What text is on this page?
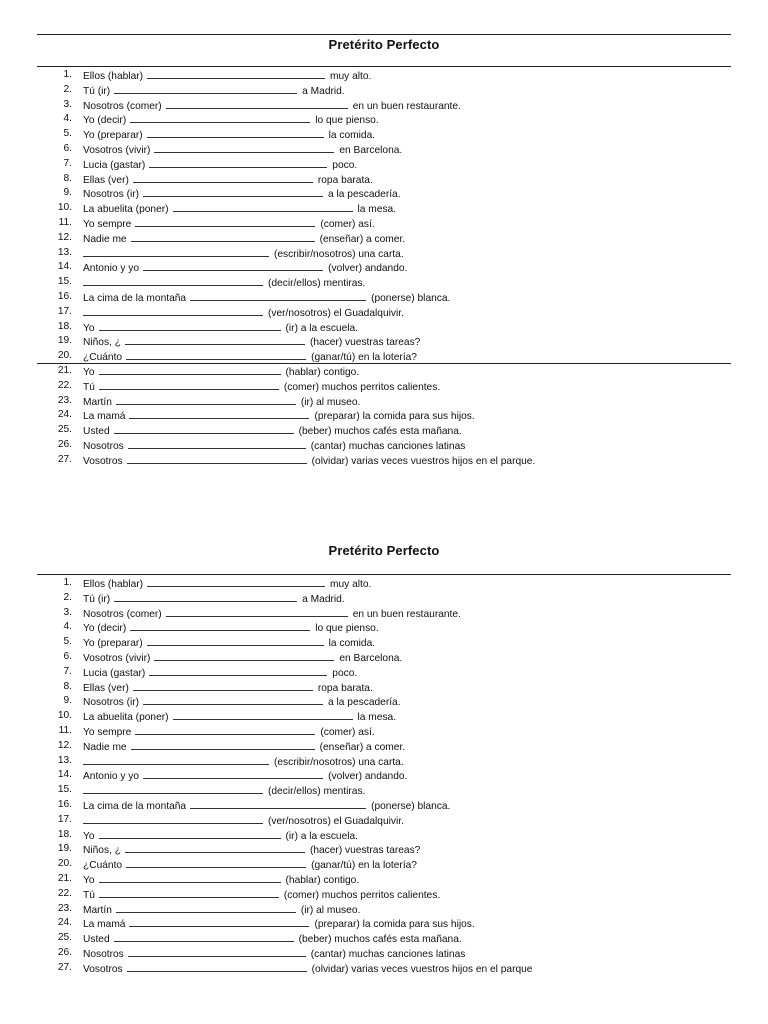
Pretérito Perfecto
1. Ellos (hablar)	muy alto.
2. Tú (ir)	a Madrid.
3. Nosotros (comer)	en un buen restaurante.
4. Yo (decir)	lo que pienso.
5. Yo (preparar)	la comida.
6. Vosotros (vivir)	en Barcelona.
7. Lucia (gastar)	poco.
8. Ellas (ver)	ropa barata.
9. Nosotros (ir)	a la pescadería.
10. La abuelita (poner)	la mesa.
11. Yo sempre	(comer) así.
12. Nadie me	(enseñar) a comer.
13.	(escribir/nosotros) una carta.
14. Antonio y yo	(volver) andando.
15.	(decir/ellos) mentiras.
16. La cima de la montaña	(ponerse) blanca.
17.	(ver/nosotros) el Guadalquivir.
18. Yo	(ir) a la escuela.
19. Niños, ¿	(hacer) vuestras tareas?
20. ¿Cuánto	(ganar/tú) en la lotería?
21. Yo	(hablar) contigo.
22. Tú	(comer) muchos perritos calientes.
23. Martín	(ir) al museo.
24. La mamá	(preparar) la comida para sus hijos.
25. Usted	(beber) muchos cafés esta mañana.
26. Nosotros	(cantar) muchas canciones latinas
27. Vosotros	(olvidar) varias veces vuestros hijos en el parque.
Pretérito Perfecto
1. Ellos (hablar)	muy alto.
2. Tú (ir)	a Madrid.
3. Nosotros (comer)	en un buen restaurante.
4. Yo (decir)	lo que pienso.
5. Yo (preparar)	la comida.
6. Vosotros (vivir)	en Barcelona.
7. Lucia (gastar)	poco.
8. Ellas (ver)	ropa barata.
9. Nosotros (ir)	a la pescadería.
10. La abuelita (poner)	la mesa.
11. Yo sempre	(comer) así.
12. Nadie me	(enseñar) a comer.
13.	(escribir/nosotros) una carta.
14. Antonio y yo	(volver) andando.
15.	(decir/ellos) mentiras.
16. La cima de la montaña	(ponerse) blanca.
17.	(ver/nosotros) el Guadalquivir.
18. Yo	(ir) a la escuela.
19. Niños, ¿	(hacer) vuestras tareas?
20. ¿Cuánto	(ganar/tú) en la lotería?
21. Yo	(hablar) contigo.
22. Tú	(comer) muchos perritos calientes.
23. Martín	(ir) al museo.
24. La mamá	(preparar) la comida para sus hijos.
25. Usted	(beber) muchos cafés esta mañana.
26. Nosotros	(cantar) muchas canciones latinas
27. Vosotros	(olvidar) varias veces vuestros hijos en el parque
